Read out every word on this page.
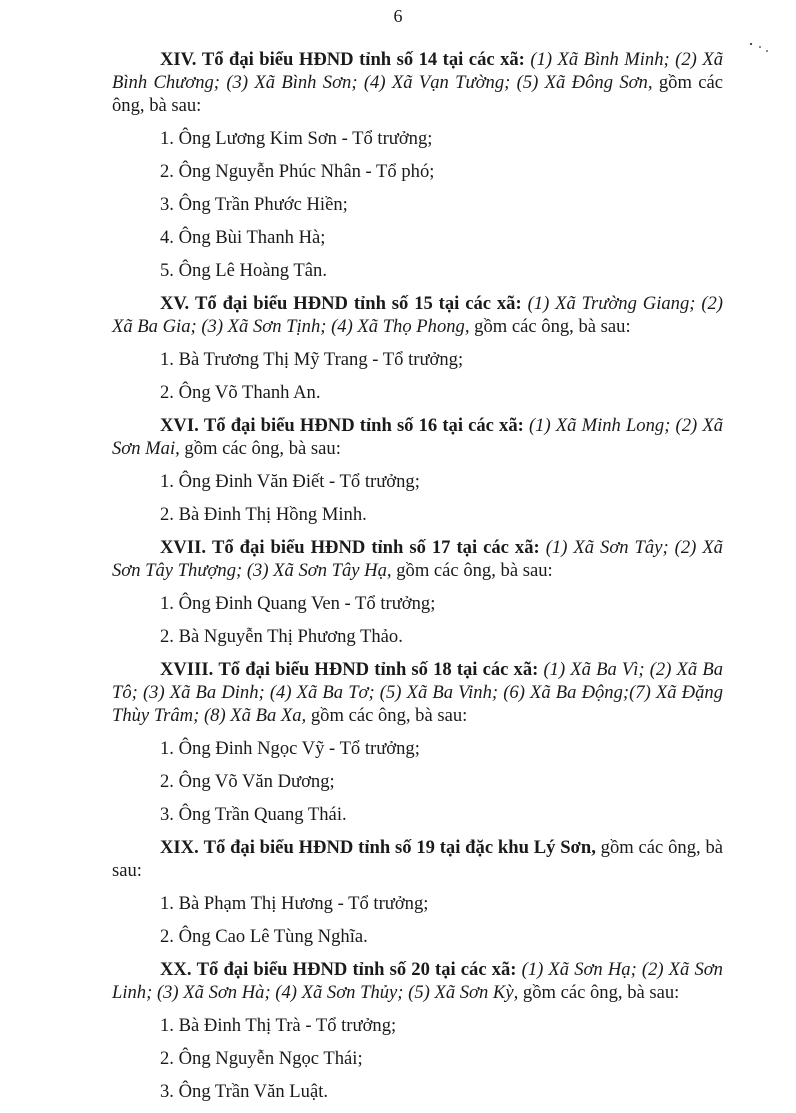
6

XIV. Tổ đại biểu HĐND tỉnh số 14 tại các xã: (1) Xã Bình Minh; (2) Xã Bình Chương; (3) Xã Bình Sơn; (4) Xã Vạn Tường; (5) Xã Đông Sơn, gồm các ông, bà sau:

1. Ông Lương Kim Sơn - Tổ trưởng;

2. Ông Nguyễn Phúc Nhân - Tổ phó;

3. Ông Trần Phước Hiền;

4. Ông Bùi Thanh Hà;

5. Ông Lê Hoàng Tân.

XV. Tổ đại biểu HĐND tỉnh số 15 tại các xã: (1) Xã Trường Giang; (2) Xã Ba Gia; (3) Xã Sơn Tịnh; (4) Xã Thọ Phong, gồm các ông, bà sau:

1. Bà Trương Thị Mỹ Trang - Tổ trưởng;

2. Ông Võ Thanh An.

XVI. Tổ đại biểu HĐND tỉnh số 16 tại các xã: (1) Xã Minh Long; (2) Xã Sơn Mai, gồm các ông, bà sau:

1. Ông Đinh Văn Điết - Tổ trưởng;

2. Bà Đinh Thị Hồng Minh.

XVII. Tổ đại biểu HĐND tỉnh số 17 tại các xã: (1) Xã Sơn Tây; (2) Xã Sơn Tây Thượng; (3) Xã Sơn Tây Hạ, gồm các ông, bà sau:

1. Ông Đinh Quang Ven - Tổ trưởng;

2. Bà Nguyễn Thị Phương Thảo.

XVIII. Tổ đại biểu HĐND tỉnh số 18 tại các xã: (1) Xã Ba Vì; (2) Xã Ba Tô; (3) Xã Ba Dinh; (4) Xã Ba Tơ; (5) Xã Ba Vinh; (6) Xã Ba Động;(7) Xã Đặng Thùy Trâm; (8) Xã Ba Xa, gồm các ông, bà sau:

1. Ông Đinh Ngọc Vỹ - Tổ trưởng;

2. Ông Võ Văn Dương;

3. Ông Trần Quang Thái.

XIX. Tổ đại biểu HĐND tỉnh số 19 tại đặc khu Lý Sơn, gồm các ông, bà sau:

1. Bà Phạm Thị Hương - Tổ trưởng;

2. Ông Cao Lê Tùng Nghĩa.

XX. Tổ đại biểu HĐND tỉnh số 20 tại các xã: (1) Xã Sơn Hạ; (2) Xã Sơn Linh; (3) Xã Sơn Hà; (4) Xã Sơn Thủy; (5) Xã Sơn Kỳ, gồm các ông, bà sau:

1. Bà Đinh Thị Trà - Tổ trưởng;

2. Ông Nguyễn Ngọc Thái;

3. Ông Trần Văn Luật.
